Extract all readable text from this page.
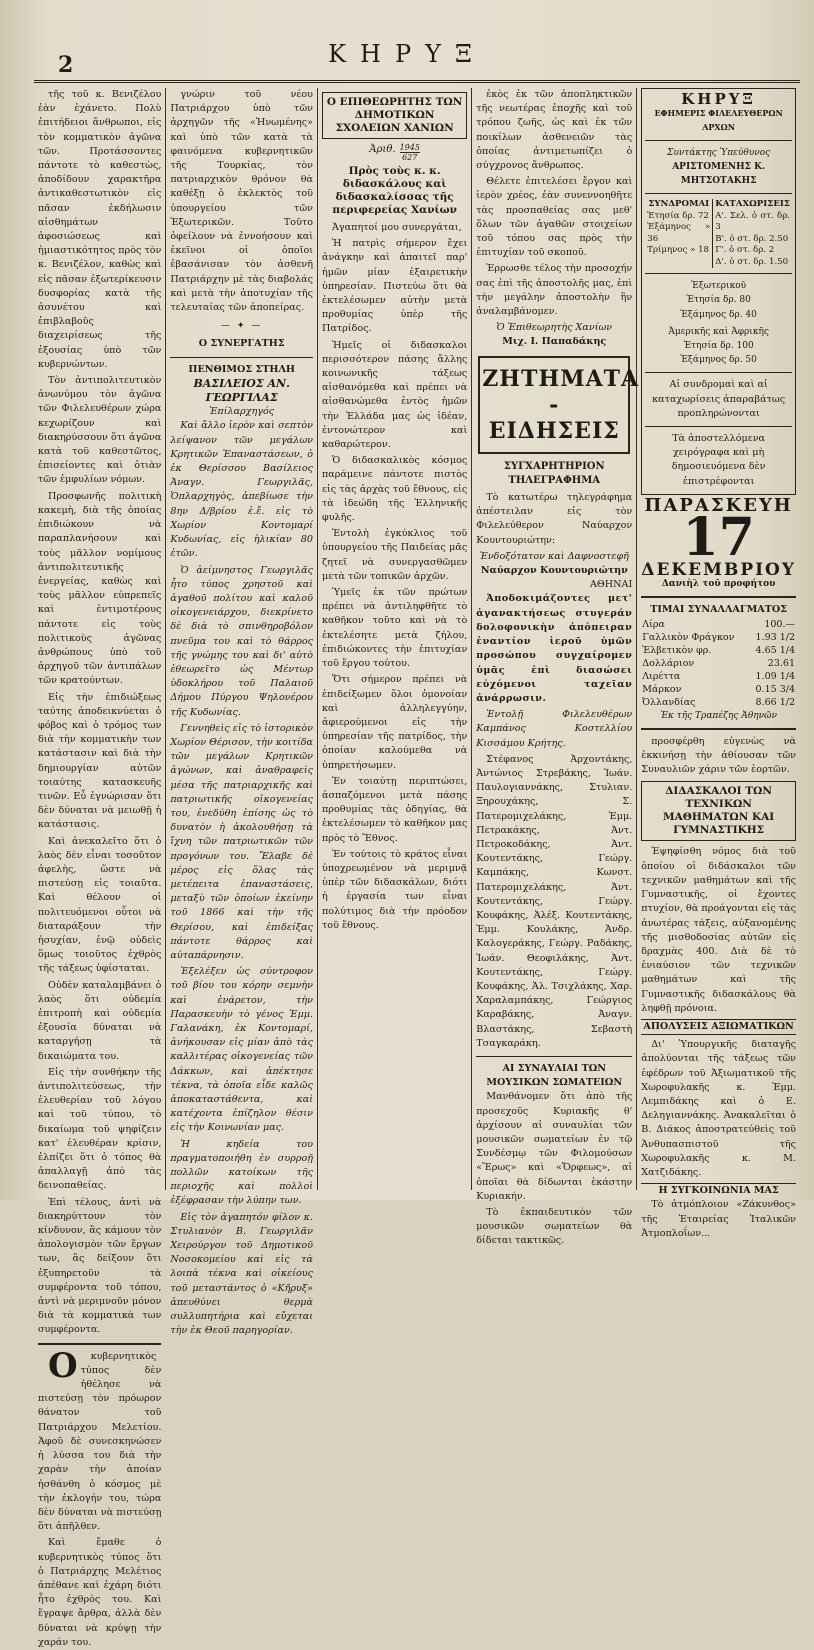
ΚΗΡΥΞ
2

τῆς τοῦ κ. Βενιζέλου ἐὰν ἐχάνετο. Πολὺ ἐπιτήδειοι ἄνθρωποι, εἰς τὸν κομματικὸν ἀγῶνα τῶν. Προτάσσοντες πάντοτε τὸ καθεστὼς, ἀποδίδουν χαρακτῆρα ἀντικαθεστωτικὸν εἰς πᾶσαν ἐκδήλωσιν αἰσθημάτων ἀφοσιώσεως καὶ ἡμιαστικότητος πρὸς τὸν κ. Βενιζέλον, καθὼς καὶ εἰς πᾶσαν ἐξωτερίκευσιν δυσφορίας κατὰ τῆς ἀσυνέτου καὶ ἐπιβλαβοῦς διαχειρίσεως τῆς ἐξουσίας ὑπὸ τῶν κυβερνώντων.

Τὸν ἀντιπολιτευτικὸν ἀνωνύμου τὸν ἀγῶνα τῶν Φιλελευθέρων χώρα κεχωρίζουν καὶ διακηρύσσουν ὅτι ἀγῶνα κατὰ τοῦ καθεστῶτος, ἐπισείοντες καὶ ὁτιὰν τῶν ἐμφυλίων νόμων.

Προσφωνῆς πολιτικὴ κακεμὴ, διὰ τῆς ὁποίας ἐπιδιώκουν νὰ παραπλανήσουν καὶ τοὺς μᾶλλον νομίμους ἀντιπολιτευτικῆς ἐνεργείας, καθὼς καὶ τοὺς μᾶλλον εὐπρεπεῖς καὶ ἐντιμοτέρους πάντοτε εἰς τοὺς πολιτικοὺς ἀγῶνας ἀνθρώπους ὑπὸ τοῦ ἀρχηγοῦ τῶν ἀντιπάλων τῶν κρατούντων.

Εἰς τὴν ἐπιδιώξεως ταύτης ἀποδεικνύεται ὁ φόβος καὶ ὁ τρόμος των διὰ τὴν κομματικὴν των κατάστασιν καὶ διὰ τὴν δημιουργίαν αὐτῶν τοιαύτης κατασκευῆς τινῶν. Εὖ ἐγνώρισαν ὅτι δὲν δύναται νὰ μειωθῇ ἡ κατάστασις.

Καὶ ἀνεκαλεῖτο ὅτι ὁ λαὸς δὲν εἶναι τοσοῦτον ἀφελὴς, ὥστε νὰ πιστεύσῃ εἰς τοιαῦτα. Καὶ θέλουν οἱ πολιτευόμενοι οὗτοι νὰ διαταράξουν τὴν ἡσυχίαν, ἐνῷ οὐδεὶς ὅμως τοιοῦτος ἐχθρὸς τῆς τάξεως ὑφίσταται.

Οὐδὲν καταλαμβάνει ὁ λαὸς ὅτι οὐδεμία ἐπιτροπὴ καὶ οὐδεμία ἐξουσία δύναται νὰ καταργήσῃ τὰ δικαιώματα του.

Εἰς τὴν συνθήκην τῆς ἀντιπολιτεύσεως, τὴν ἐλευθερίαν τοῦ λόγου καὶ τοῦ τύπου, τὸ δικαίωμα τοῦ ψηφίζειν κατ' ἐλευθέραν κρίσιν, ἐλπίζει ὅτι ὁ τόπος θὰ ἀπαλλαγῇ ἀπὸ τὰς δεινοπαθείας.

Ἐπὶ τέλους, ἀντὶ νὰ διακηρύττουν τὸν κίνδυνον, ἂς κάμουν τὸν ἀπολογισμὸν τῶν ἔργων των, ἂς δείξουν ὅτι ἐξυπηρετοῦν τὰ συμφέροντα τοῦ τόπου, ἀντὶ νὰ μεριμνοῦν μόνον διὰ τὰ κομματικὰ των συμφέροντα.

Ο κυβερνητικὸς τύπος δὲν ἠθέλησε νὰ πιστεύσῃ τὸν πρόωρον θάνατον τοῦ Πατριάρχου Μελετίου. Ἀφοῦ δὲ συνεσκηνώσεν ἡ λύσσα του διὰ τὴν χαρὰν τὴν ἀποίαν ἠσθάνθη ὁ κόσμος μὲ τὴν ἐκλογήν του, τώρα δὲν δύναται νὰ πιστεύσῃ ὅτι ἀπῆλθεν.

Καὶ ἔμαθε ὁ κυβερνητικὸς τύπος ὅτι ὁ Πατριάρχης Μελέτιος ἀπέθανε καὶ ἐχάρη διότι ἦτο ἐχθρὸς του. Καὶ ἔγραψε ἄρθρα, ἀλλὰ δὲν δύναται νὰ κρύψῃ τὴν χαράν του.

γνώριν τοῦ νέου Πατριάρχου ὑπὸ τῶν ἀρχηγῶν τῆς «Ἡνωμένης» καὶ ὑπὸ τῶν κατὰ τὰ φαινόμενα κυβερνητικῶν τῆς Τουρκίας, τὸν πατριαρχικὸν θρόνον θὰ καθέξῃ ὁ ἐκλεκτὸς τοῦ ὑπουργείου τῶν Ἐξωτερικῶν. Τοῦτο ὀφείλουν νὰ ἐννοήσουν καὶ ἐκεῖνοι οἱ ὁποῖοι ἐβασάνισαν τὸν ἀσθενῆ Πατριάρχην μὲ τὰς διαβολάς καὶ μετὰ τὴν ἀποτυχίαν τῆς τελευταίας τῶν ἀποπείρας.

— ✦ —
Ο ΣΥΝΕΡΓΑΤΗΣ
ΠΕΝΘΙΜΟΣ ΣΤΗΛΗ
ΒΑΣΙΛΕΙΟΣ ΑΝ. ΓΕΩΡΓΙΛΑΣ
Ἐπίλαρχηγός

Καὶ ἄλλο ἱερὸν καὶ σεπτὸν λείψανον τῶν μεγάλων Κρητικῶν Ἐπαναστάσεων, ὁ ἐκ Θερίσσου Βασίλειος Ἀναγν. Γεωργιλᾶς, Ὁπλαρχηγὸς, ἀπεβίωσε τὴν 8ην Δ/βρίου ἐ.ἔ. εἰς τὸ Χωρίον Κοντομαρί Κυδωνίας, εἰς ἡλικίαν 80 ἐτῶν.

Ὁ ἀείμνηστος Γεωργιλᾶς ἦτο τύπος χρηστοῦ καὶ ἀγαθοῦ πολίτου καὶ καλοῦ οἰκογενειάρχου, διεκρίνετο δὲ διὰ τὸ σπινθηροβόλον πνεῦμα του καὶ τὸ θάρρος τῆς γνώμης του καὶ δι' αὐτὸ ἐθεωρεῖτο ὡς Μέντωρ ὑδοκλήρου τοῦ Παλαιοῦ Δήμου Πύργου Ψηλονέρου τῆς Κυδωνίας.

Γεννηθεὶς εἰς τὸ ἱστορικὸν Χωρίον Θέρισον, τὴν κοιτίδα τῶν μεγάλων Κρητικῶν ἀγώνων, καὶ ἀναθραφεὶς μέσα τῆς πατριαρχικῆς καὶ πατριωτικῆς οἰκογενείας του, ἐνεδύθη ἐπίσης ὡς τὸ δυνατὸν ἡ ἀκολουθήσῃ τὰ ἴχνη τῶν πατριωτικῶν τῶν προγόνων του. Ἔλαβε δὲ μέρος εἰς ὅλας τὰς μετέπειτα ἐπαναστάσεις, μεταξὺ τῶν ὁποίων ἐκείνην τοῦ 1866 καὶ τὴν τῆς Θερίσου, καὶ ἐπιδείξας πάντοτε θάρρος καὶ αὐταπάρνησιν.

Ἐξελέξεν ὡς σύντροφον τοῦ βίου του κόρην σεμνὴν καὶ ἐνάρετον, τὴν Παρασκευὴν τὸ γένος Ἐμμ. Γαλανάκη, ἐκ Κοντομαρί, ἀνήκουσαν εἰς μίαν ἀπὸ τὰς καλλιτέρας οἰκογενείας τῶν Δάκκων, καὶ ἀπέκτησε τέκνα, τὰ ὁποῖα εἶδε καλῶς ἀποκαταστάθεντα, καὶ κατέχοντα ἐπίζηλον θέσιν εἰς τὴν Κοινωνίαν μας.

Ἡ κηδεία του πραγματοποιήθη ἐν συρροῇ πολλῶν κατοίκων τῆς περιοχῆς καὶ πολλοὶ ἐξέφρασαν τὴν λύπην των.

Εἰς τὸν ἀγαπητόν φίλον κ. Στυλιανὸν Β. Γεωργιλᾶν Χειρούργον τοῦ Δημοτικοῦ Νοσοκομείου καὶ εἰς τὰ λοιπὰ τέκνα καὶ οἰκείους τοῦ μεταστάντος ὁ «Κῆρυξ» ἀπευθύνει θερμὰ συλλυπητήρια καὶ εὔχεται τὴν ἐκ Θεοῦ παρηγορίαν.

Ο ΕΠΙΘΕΩΡΗΤΗΣ ΤΩΝ ΔΗΜΟΤΙΚΩΝ ΣΧΟΛΕΙΩΝ ΧΑΝΙΩΝ
Ἀριθ. $\frac{1945}{627}$
Πρὸς τοὺς κ. κ. διδασκάλους καὶ διδασκαλίσσας τῆς περιφερείας Χανίων

Ἀγαπητοί μου συνεργάται,

Ἡ πατρὶς σήμερον ἔχει ἀνάγκην καὶ ἀπαιτεῖ παρ' ἡμῶν μίαν ἐξαιρετικὴν ὑπηρεσίαν. Πιστεύω ὅτι θὰ ἐκτελέσωμεν αὐτὴν μετὰ προθυμίας ὑπὲρ τῆς Πατρίδος.

Ἡμεῖς οἱ διδασκαλοι περισσότερον πάσης ἄλλης κοινωνικῆς τάξεως αἰσθανόμεθα καὶ πρέπει νὰ αἰσθανώμεθα ἐντὸς ἡμῶν τὴν Ἑλλάδα μας ὡς ἰδέαν, ἐντονώτερον καὶ καθαρώτερον.

Ὁ διδασκαλικὸς κόσμος παράμεινε πάντοτε πιστὸς εἰς τὰς ἀρχὰς τοῦ ἔθνους, εἰς τὰ ἰδεώδη τῆς Ἑλληνικῆς φυλῆς.

Ἐντολὴ ἐγκύκλιος τοῦ ὑπουργείου τῆς Παιδείας μᾶς ζητεῖ νὰ συνεργασθῶμεν μετὰ τῶν τοπικῶν ἀρχῶν.

Ὑμεῖς ἐκ τῶν πρώτων πρέπει νὰ ἀντιληφθῆτε τὸ καθῆκον τοῦτο καὶ νὰ τὸ ἐκτελέσητε μετὰ ζήλου, ἐπιδιώκοντες τὴν ἐπιτυχίαν τοῦ ἔργου τούτου.

Ὅτι σήμερον πρέπει νὰ ἐπιδείξωμεν ὅλοι ὁμονοίαν καὶ ἀλληλεγγύην, ἀφιερούμενοι εἰς τὴν ὑπηρεσίαν τῆς πατρίδος, τὴν ὁποίαν καλούμεθα νὰ ὑπηρετήσωμεν.

Ἐν τοιαύτῃ περιπτώσει, ἀσπαζόμενοι μετὰ πάσης προθυμίας τὰς ὁδηγίας, θὰ ἐκτελέσωμεν τὸ καθῆκον μας πρὸς τὸ Ἔθνος.

Ἐν τούτοις τὸ κράτος εἶναι ὑποχρεωμένον νὰ μεριμνᾷ ὑπὲρ τῶν διδασκάλων, διότι ἡ ἐργασία των εἶναι πολύτιμος διὰ τὴν πρόοδον τοῦ ἔθνους.

ἐκὸς ἐκ τῶν ἀποπληκτικῶν τῆς νεωτέρας ἐποχῆς καὶ τοῦ τρόπου ζωῆς, ὡς καὶ ἐκ τῶν ποικίλων ἀσθενειῶν τὰς ὁποίας ἀντιμετωπίζει ὁ σύγχρονος ἄνθρωπος.

Θέλετε ἐπιτελέσει ἔργον καὶ ἱερὸν χρέος, ἐὰν συνεννοηθῆτε τὰς προσπαθείας σας μεθ' ὅλων τῶν ἀγαθῶν στοιχείων τοῦ τόπου σας πρὸς τὴν ἐπιτυχίαν τοῦ σκοποῦ.

Ἐρρωσθε τέλος τὴν προσοχήν σας ἐπὶ τῆς ἀποστολῆς μας, ἐπὶ τὴν μεγάλην ἀποστολὴν ἣν ἀναλαμβάνομεν.

Ὁ Ἐπιθεωρητὴς Χανίων
Μιχ. Ι. Παπαδάκης
ΖΗΤΗΜΑΤΑ - ΕΙΔΗΣΕΙΣ
ΣΥΓΧΑΡΗΤΗΡΙΟΝ ΤΗΛΕΓΡΑΦΗΜΑ

Τὸ κατωτέρω τηλεγράφημα ἀπέστειλαν εἰς τὸν Φιλελεύθερον Ναύαρχον Κουντουριώτην:

Ἐνδοξότατον καὶ Δαφνοστεφῆ
Ναύαρχον Κουντουριώτην
ΑΘΗΝΑΙ

Ἀποδοκιμάζοντες μετ' ἀγανακτήσεως στυγεράν δολοφονικὴν ἀπόπειραν ἐναντίον ἱεροῦ ὑμῶν προσώπου συγχαίρομεν ὑμᾶς ἐπὶ διασώσει εὐχόμενοι ταχεῖαν ἀνάρρωσιν.

Ἐντολῇ Φιλελευθέρων Καμπάνος Κοστελλίου Κισσάμου Κρήτης.

Στέφανος Ἀρχοντάκης, Ἀντώνιος Στρεβάκης, Ἰωάν. Παυλογιαννάκης, Στυλιαν. Ξηρουχάκης, Σ. Πατερομιχελάκης, Ἐμμ. Πετρακάκης, Ἀντ. Πετροκοδάκης, Ἀντ. Κουτεντάκης, Γεώργ. Καμπάκης, Κωνστ. Πατερομιχελάκης, Ἀντ. Κουτεντάκης, Γεώργ. Κουφάκης, Ἀλέξ. Κουτεντάκης, Ἐμμ. Κουλάκης, Ἀνδρ. Καλογεράκης, Γεώργ. Ραδάκης, Ἰωάν. Θεοφιλάκης, Ἀντ. Κουτεντάκης, Γεώργ. Κουφάκης, Ἀλ. Τσιχλάκης, Χαρ. Χαραλαμπάκης, Γεώργιος Καραβάκης, Ἀναγν. Βλαστάκης, Σεβαστὴ Τσαγκαράκη.

ΑΙ ΣΥΝΑΥΛΙΑΙ ΤΩΝ ΜΟΥΣΙΚΩΝ ΣΩΜΑΤΕΙΩΝ

Μανθάνομεν ὅτι ἀπὸ τῆς προσεχοῦς Κυριακῆς θ' ἀρχίσουν αἱ συναυλίαι τῶν μουσικῶν σωματείων ἐν τῷ Συνδέσμῳ τῶν Φιλομούσων «Ἔρως» καὶ «Ὄρφεως», αἱ ὁποῖαι θὰ δίδωνται ἑκάστην Κυριακήν.

Τὸ ἐκπαιδευτικὸν τῶν μουσικῶν σωματείων θὰ δίδεται τακτικῶς.

ΚΗΡΥΞ
ΕΦΗΜΕΡΙΣ ΦΙΛΕΛΕΥΘΕΡΩΝ ΑΡΧΩΝ
Συντάκτης Ὑπεύθυνος
ΑΡΙΣΤΟΜΕΝΗΣ Κ. ΜΗΤΣΟΤΑΚΗΣ
ΣΥΝΔΡΟΜΑΙ
Ἐτησία δρ. 72
Ἑξάμηνος » 36
Τρίμηνος » 18
ΚΑΤΑΧΩΡΙΣΕΙΣ
Α'. Σελ. ὁ στ. δρ. 3
Β'. ὁ στ. δρ. 2.50
Γ'. ὁ στ. δρ. 2
Δ'. ὁ στ. δρ. 1.50
Ἐξωτερικοῦ
Ἐτησία δρ. 80
Ἑξάμηνος δρ. 40
Ἀμερικῆς καὶ Ἀφρικῆς
Ἐτησία δρ. 100
Ἑξάμηνος δρ. 50

Αἱ συνδρομαὶ καὶ αἱ καταχωρίσεις ἀπαραβάτως προπληρώνονται

Τὰ ἀποστελλόμενα χειρόγραφα καὶ μὴ δημοσιευόμενα δὲν ἐπιστρέφονται

ΠΑΡΑΣΚΕΥΗ
17
ΔΕΚΕΜΒΡΙΟΥ
Δανιὴλ τοῦ προφήτου
ΤΙΜΑΙ ΣΥΝΑΛΛΑΓΜΑΤΟΣ
Λίρα	100.—
Γαλλικὸν Φράγκον	1.93 1/2
Ἑλβετικὸν φρ.	4.65 1/4
Δολλάριον	23.61
Λιρέττα	1.09 1/4
Μάρκον	0.15 3/4
Ὀλλανδίας	8.66 1/2
Ἐκ τῆς Τραπέζης Ἀθηνῶν

προσφέρθη εὐγενὼς νὰ ἐκκινήσῃ τὴν ἀθίουσαν τῶν Συναυλιῶν χάριν τῶν ἑορτῶν.

ΔΙΔΑΣΚΑΛΟΙ ΤΩΝ ΤΕΧΝΙΚΩΝ ΜΑΘΗΜΑΤΩΝ ΚΑΙ ΓΥΜΝΑΣΤΙΚΗΣ

Ἐψηφίσθη νόμος διὰ τοῦ ὁποίου οἱ διδάσκαλοι τῶν τεχνικῶν μαθημάτων καὶ τῆς Γυμναστικῆς, οἱ ἔχοντες πτυχίον, θὰ προάγονται εἰς τὰς ἀνωτέρας τάξεις, αὐξανομένης τῆς μισθοδοσίας αὐτῶν εἰς δραχμὰς 400. Διὰ δὲ τὸ ἐνιαύσιον τῶν τεχνικῶν μαθημάτων καὶ τῆς Γυμναστικῆς διδασκάλους θὰ ληφθῇ πρόνοια.

ΑΠΟΛΥΣΕΙΣ ΑΞΙΩΜΑΤΙΚΩΝ

Δι' Ὑπουργικῆς διαταγῆς ἀπολύονται τῆς τάξεως τῶν ἐφέδρων τοῦ Ἀξιωματικοῦ τῆς Χωροφυλακῆς κ. Ἐμμ. Λεμπιδάκης καὶ ὁ Ε. Δεληγιαννάκης. Ἀνακαλεῖται ὁ Β. Διάκος ἀποστρατεύθεὶς τοῦ Ἀνθυπασπιστοῦ τῆς Χωροφυλακῆς κ. Μ. Χατζιδάκης.

Η ΣΥΓΚΟΙΝΩΝΙΑ ΜΑΣ

Τὸ ἀτμόπλοιον «Ζάκυνθος» τῆς Ἐταιρείας Ἰταλικῶν Ἀτμοπλοΐων...
